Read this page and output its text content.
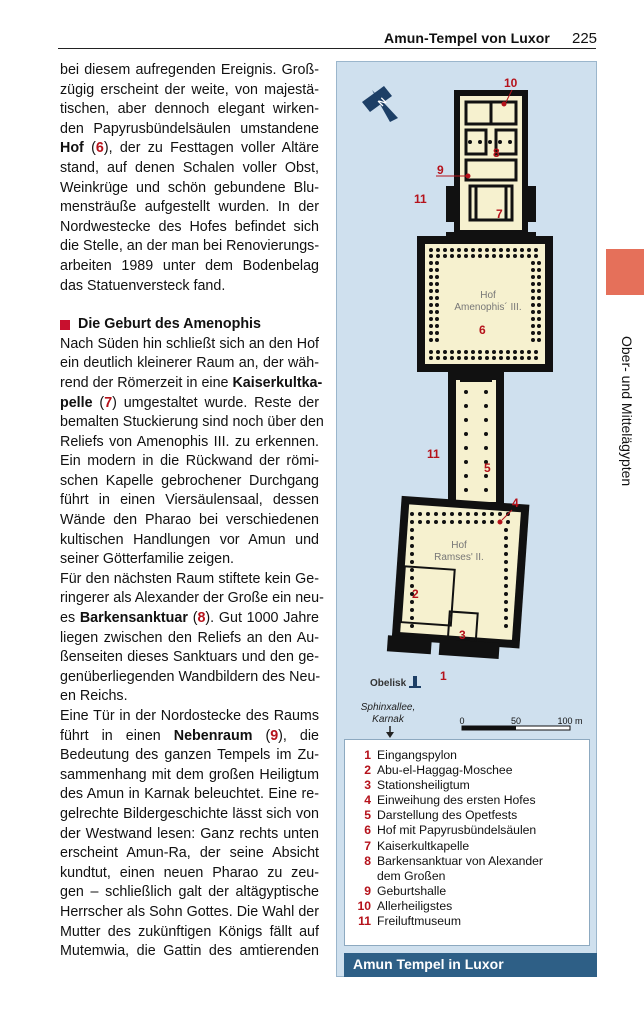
Amun-Tempel von Luxor 225
Ober- und Mittelägypten

bei diesem aufregenden Ereignis. Groß-
zügig erscheint der weite, von majestä-
tischen, aber dennoch elegant wirken-
den Papyrusbündelsäulen umstandene
Hof (6), der zu Festtagen voller Altäre
stand, auf denen Schalen voller Obst,
Weinkrüge und schön gebundene Blu-
mensträuße aufgestellt wurden. In der
Nordwestecke des Hofes befindet sich
die Stelle, an der man bei Renovierungs-
arbeiten 1989 unter dem Bodenbelag
das Statuenversteck fand.

Die Geburt des Amenophis

Nach Süden hin schließt sich an den Hof
ein deutlich kleinerer Raum an, der wäh-
rend der Römerzeit in eine Kaiserkultka-
pelle (7) umgestaltet wurde. Reste der
bemalten Stuckierung sind noch über den
Reliefs von Amenophis III. zu erkennen.
Ein modern in die Rückwand der römi-
schen Kapelle gebrochener Durchgang
führt in einen Viersäulensaal, dessen
Wände den Pharao bei verschiedenen
kultischen Handlungen vor Amun und
seiner Götterfamilie zeigen.

Für den nächsten Raum stiftete kein Ge-
ringerer als Alexander der Große ein neu-
es Barkensanktuar (8). Gut 1000 Jahre
liegen zwischen den Reliefs an den Au-
ßenseiten dieses Sanktuars und den ge-
genüberliegenden Wandbildern des Neu-
en Reichs.

Eine Tür in der Nordostecke des Raums
führt in einen Nebenraum (9), die
Bedeutung des ganzen Tempels im Zu-
sammenhang mit dem großen Heiligtum
des Amun in Karnak beleuchtet. Eine re-
gelrechte Bildergeschichte lässt sich von
der Westwand lesen: Ganz rechts unten
erscheint Amun-Ra, der seine Absicht
kundtut, einen neuen Pharao zu zeu-
gen – schließlich galt der altägyptische
Herrscher als Sohn Gottes. Die Wahl der
Mutter des zukünftigen Königs fällt auf
Mutemwia, die Gattin des amtierenden

N
Obelisk
Sphinxallee,
Karnak	0	50	100 m
Hof
Amenophis´ III.
Hof
Ramses' II.
10
8
9
11
7
6
11
5
4
2
3
1
1 Eingangspylon
2 Abu-el-Haggag-Moschee
3 Stationsheiligtum
4 Einweihung des ersten Hofes
5 Darstellung des Opetfests
6 Hof mit Papyrusbündelsäulen
7 Kaiserkultkapelle
8 Barkensanktuar von Alexander
dem Großen
9 Geburtshalle
10 Allerheiligstes
11 Freiluftmuseum
Amun Tempel in Luxor
